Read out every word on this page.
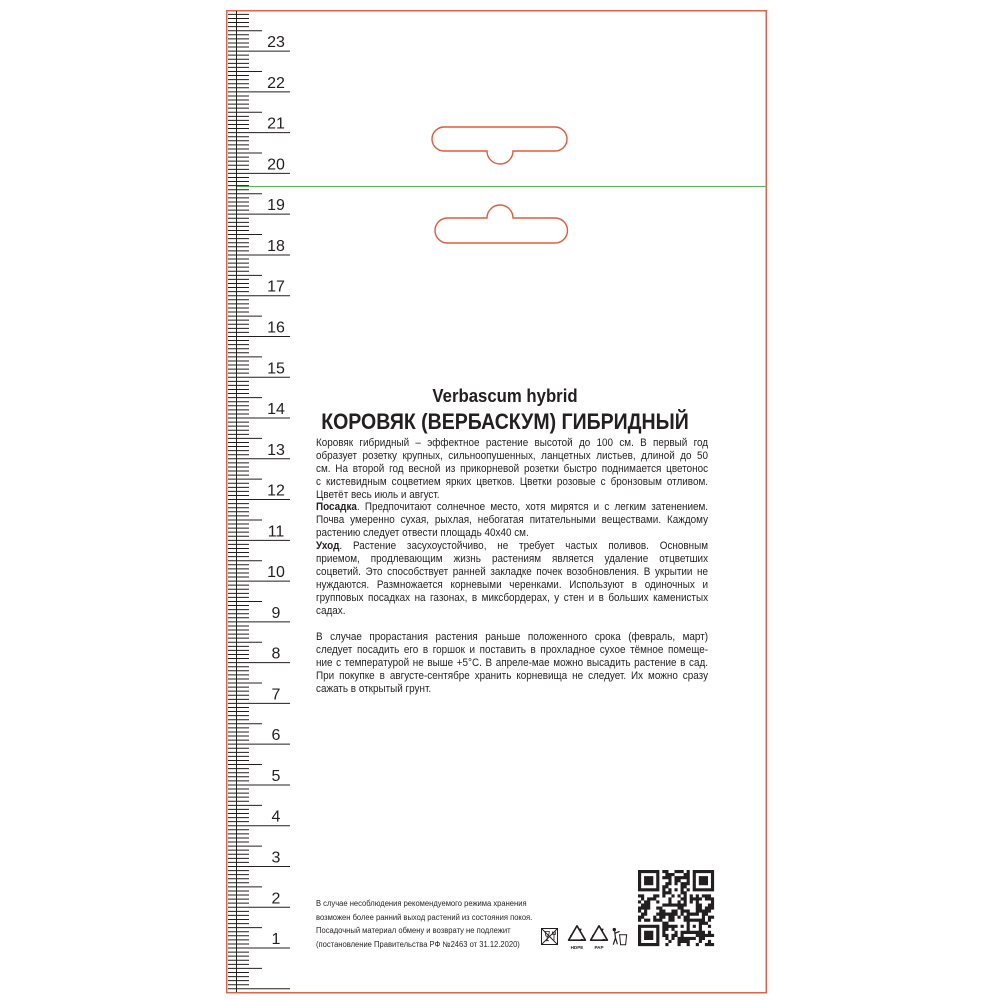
23
22
21
20
19
18
17
16
15
14
13
12
11
10
9
8
7
6
5
4
3
2
1	HDPE PAP
Verbascum hybrid
КОРОВЯК (ВЕРБАСКУМ) ГИБРИДНЫЙ
Коровяк гибридный – эффектное растение высотой до 100 см. В первый год
образует розетку крупных, сильноопушенных, ланцетных листьев, длиной до 50
см. На второй год весной из прикорневой розетки быстро поднимается цветонос
с кистевидным соцветием ярких цветков. Цветки розовые с бронзовым отливом.
Цветёт весь июль и август.
Посадка. Предпочитают солнечное место, хотя мирятся и с легким затенением.
Почва умеренно сухая, рыхлая, небогатая питательными веществами. Каждому
растению следует отвести площадь 40х40 см.
Уход. Растение засухоустойчиво, не требует частых поливов. Основным
приемом, продлевающим жизнь растениям является удаление отцветших
соцветий. Это способствует ранней закладке почек возобновления. В укрытии не
нуждаются. Размножается корневыми черенками. Используют в одиночных и
групповых посадках на газонах, в миксбордерах, у стен и в больших каменистых
садах.
В случае прорастания растения раньше положенного срока (февраль, март)
следует посадить его в горшок и поставить в прохладное сухое тёмное помеще-
ние с температурой не выше +5°С. В апреле-мае можно высадить растение в сад.
При покупке в августе-сентябре хранить корневища не следует. Их можно сразу
сажать в открытый грунт.
В случае несоблюдения рекомендуемого режима хранения
возможен более ранний выход растений из состояния покоя.
Посадочный материал обмену и возврату не подлежит
(постановление Правительства РФ №2463 от 31.12.2020)
